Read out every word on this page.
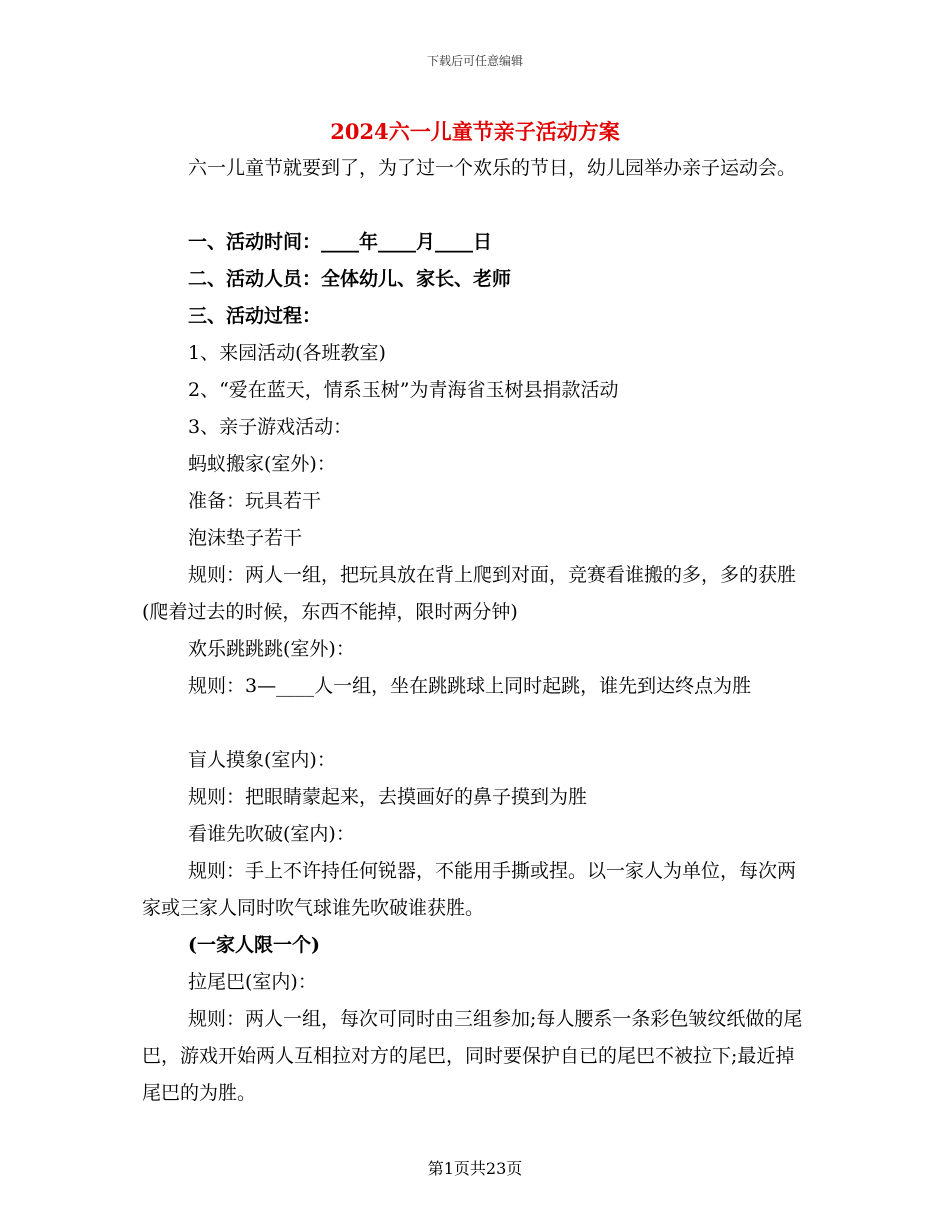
下载后可任意编辑
2024六一儿童节亲子活动方案
六一儿童节就要到了，为了过一个欢乐的节日，幼儿园举办亲子运动会。
一、活动时间：____年____月____日
二、活动人员：全体幼儿、家长、老师
三、活动过程：
1、来园活动(各班教室)
2、“爱在蓝天，情系玉树”为青海省玉树县捐款活动
3、亲子游戏活动：
蚂蚁搬家(室外)：
准备：玩具若干
泡沫垫子若干
规则：两人一组，把玩具放在背上爬到对面，竞赛看谁搬的多，多的获胜(爬着过去的时候，东西不能掉，限时两分钟)
欢乐跳跳跳(室外)：
规则：3—____人一组，坐在跳跳球上同时起跳，谁先到达终点为胜
盲人摸象(室内)：
规则：把眼睛蒙起来，去摸画好的鼻子摸到为胜
看谁先吹破(室内)：
规则：手上不许持任何锐器，不能用手撕或捏。以一家人为单位，每次两家或三家人同时吹气球谁先吹破谁获胜。
(一家人限一个)
拉尾巴(室内)：
规则：两人一组，每次可同时由三组参加;每人腰系一条彩色皱纹纸做的尾巴，游戏开始两人互相拉对方的尾巴，同时要保护自已的尾巴不被拉下;最近掉尾巴的为胜。
第1页共23页
